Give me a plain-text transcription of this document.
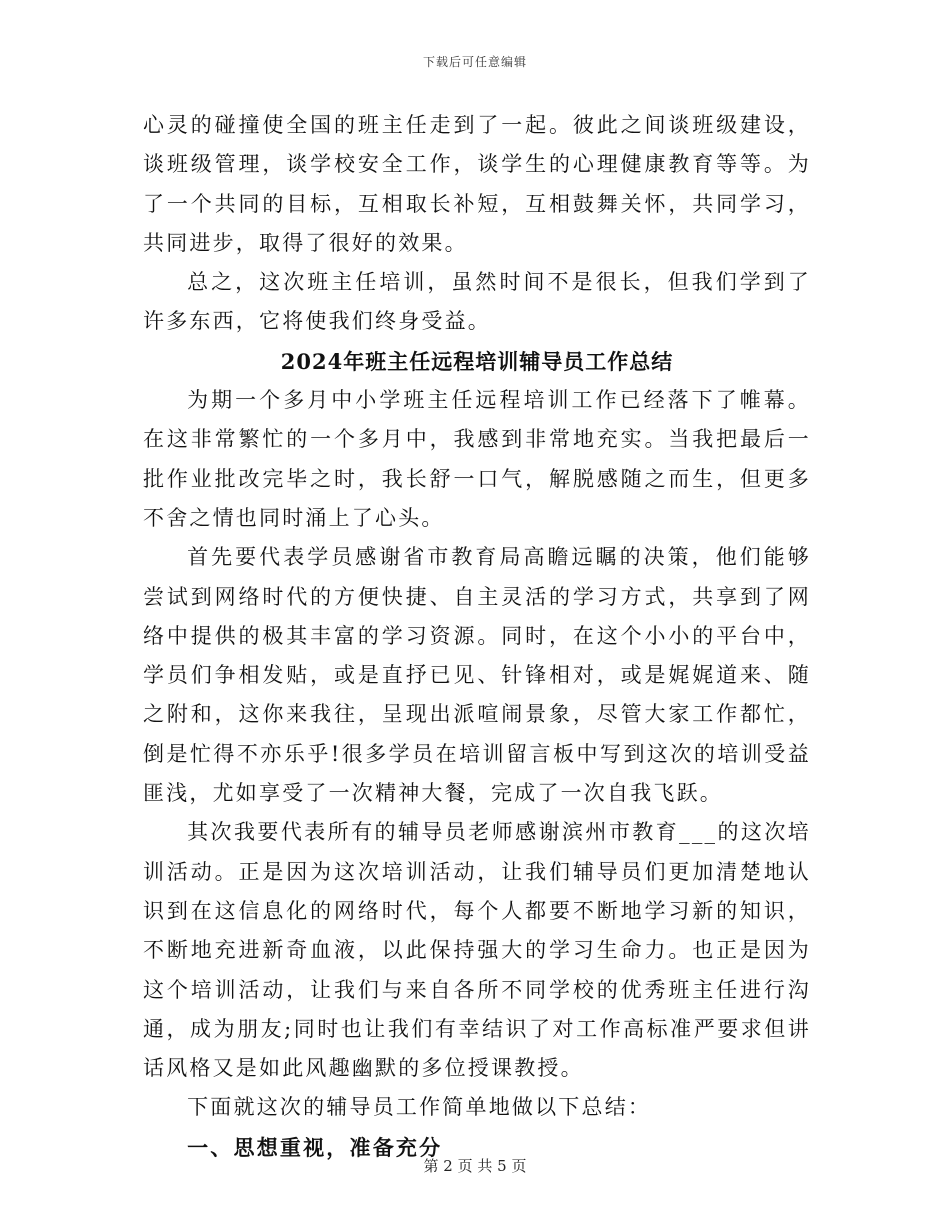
下载后可任意编辑

心灵的碰撞使全国的班主任走到了一起。彼此之间谈班级建设，谈班级管理，谈学校安全工作，谈学生的心理健康教育等等。为了一个共同的目标，互相取长补短，互相鼓舞关怀，共同学习，共同进步，取得了很好的效果。

总之，这次班主任培训，虽然时间不是很长，但我们学到了许多东西，它将使我们终身受益。

2024年班主任远程培训辅导员工作总结

为期一个多月中小学班主任远程培训工作已经落下了帷幕。在这非常繁忙的一个多月中，我感到非常地充实。当我把最后一批作业批改完毕之时，我长舒一口气，解脱感随之而生，但更多不舍之情也同时涌上了心头。

首先要代表学员感谢省市教育局高瞻远瞩的决策，他们能够尝试到网络时代的方便快捷、自主灵活的学习方式，共享到了网络中提供的极其丰富的学习资源。同时，在这个小小的平台中，学员们争相发贴，或是直抒已见、针锋相对，或是娓娓道来、随之附和，这你来我往，呈现出派喧闹景象，尽管大家工作都忙，倒是忙得不亦乐乎!很多学员在培训留言板中写到这次的培训受益匪浅，尤如享受了一次精神大餐，完成了一次自我飞跃。

其次我要代表所有的辅导员老师感谢滨州市教育___的这次培训活动。正是因为这次培训活动，让我们辅导员们更加清楚地认识到在这信息化的网络时代，每个人都要不断地学习新的知识，不断地充进新奇血液，以此保持强大的学习生命力。也正是因为这个培训活动，让我们与来自各所不同学校的优秀班主任进行沟通，成为朋友;同时也让我们有幸结识了对工作高标准严要求但讲话风格又是如此风趣幽默的多位授课教授。

下面就这次的辅导员工作简单地做以下总结：

一、思想重视，准备充分

第 2 页 共 5 页
